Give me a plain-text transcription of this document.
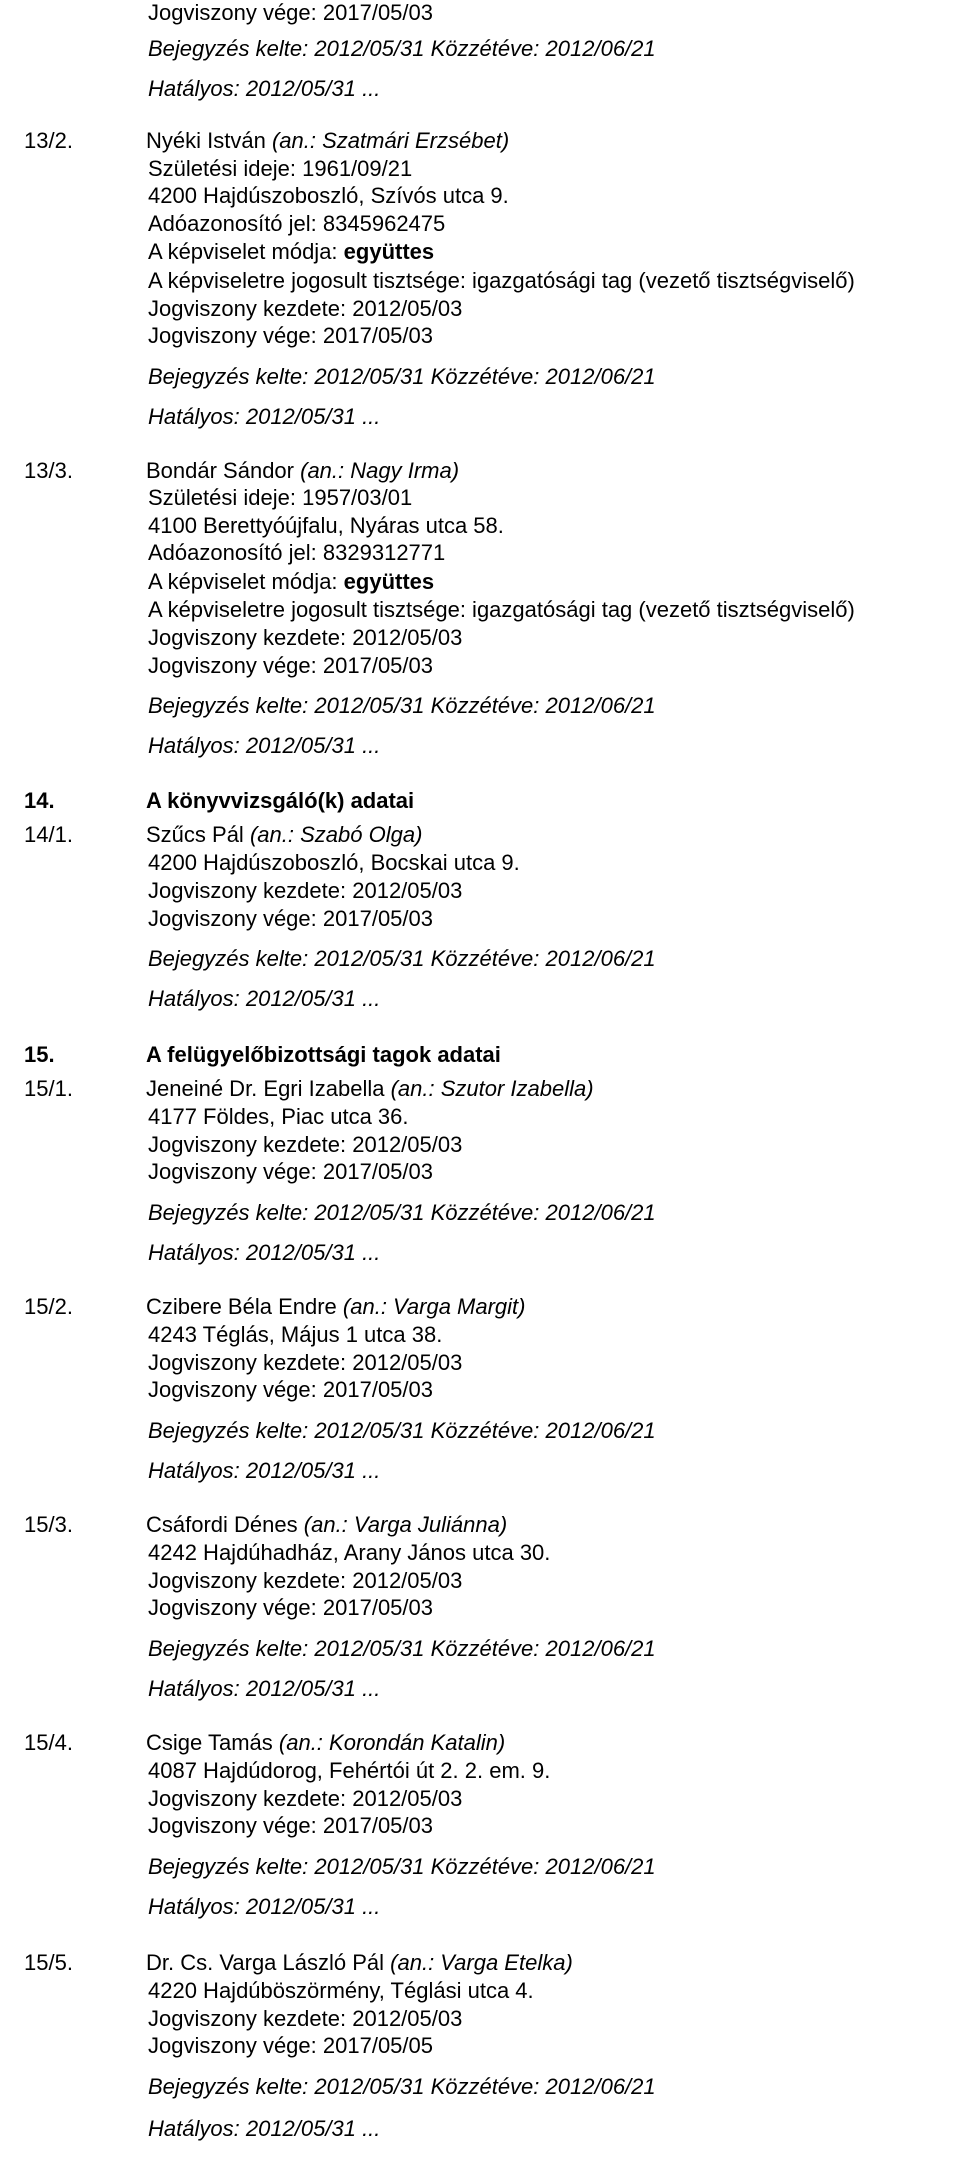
Jogviszony vége: 2017/05/03
Bejegyzés kelte: 2012/05/31 Közzétéve: 2012/06/21
Hatályos: 2012/05/31 ...
13/2.	Nyéki István (an.: Szatmári Erzsébet)
Születési ideje: 1961/09/21
4200 Hajdúszoboszló, Szívós utca 9.
Adóazonosító jel: 8345962475
A képviselet módja: együttes
A képviseletre jogosult tisztsége: igazgatósági tag (vezető tisztségviselő)
Jogviszony kezdete: 2012/05/03
Jogviszony vége: 2017/05/03
Bejegyzés kelte: 2012/05/31 Közzétéve: 2012/06/21
Hatályos: 2012/05/31 ...
13/3.	Bondár Sándor (an.: Nagy Irma)
Születési ideje: 1957/03/01
4100 Berettyóújfalu, Nyáras utca 58.
Adóazonosító jel: 8329312771
A képviselet módja: együttes
A képviseletre jogosult tisztsége: igazgatósági tag (vezető tisztségviselő)
Jogviszony kezdete: 2012/05/03
Jogviszony vége: 2017/05/03
Bejegyzés kelte: 2012/05/31 Közzétéve: 2012/06/21
Hatályos: 2012/05/31 ...
14.	A könyvvizsgáló(k) adatai
14/1.	Szűcs Pál (an.: Szabó Olga)
4200 Hajdúszoboszló, Bocskai utca 9.
Jogviszony kezdete: 2012/05/03
Jogviszony vége: 2017/05/03
Bejegyzés kelte: 2012/05/31 Közzétéve: 2012/06/21
Hatályos: 2012/05/31 ...
15.	A felügyelőbizottsági tagok adatai
15/1.	Jeneiné Dr. Egri Izabella (an.: Szutor Izabella)
4177 Földes, Piac utca 36.
Jogviszony kezdete: 2012/05/03
Jogviszony vége: 2017/05/03
Bejegyzés kelte: 2012/05/31 Közzétéve: 2012/06/21
Hatályos: 2012/05/31 ...
15/2.	Czibere Béla Endre (an.: Varga Margit)
4243 Téglás, Május 1 utca 38.
Jogviszony kezdete: 2012/05/03
Jogviszony vége: 2017/05/03
Bejegyzés kelte: 2012/05/31 Közzétéve: 2012/06/21
Hatályos: 2012/05/31 ...
15/3.	Csáfordi Dénes (an.: Varga Juliánna)
4242 Hajdúhadház, Arany János utca 30.
Jogviszony kezdete: 2012/05/03
Jogviszony vége: 2017/05/03
Bejegyzés kelte: 2012/05/31 Közzétéve: 2012/06/21
Hatályos: 2012/05/31 ...
15/4.	Csige Tamás (an.: Korondán Katalin)
4087 Hajdúdorog, Fehértói út 2. 2. em. 9.
Jogviszony kezdete: 2012/05/03
Jogviszony vége: 2017/05/03
Bejegyzés kelte: 2012/05/31 Közzétéve: 2012/06/21
Hatályos: 2012/05/31 ...
15/5.	Dr. Cs. Varga László Pál (an.: Varga Etelka)
4220 Hajdúböszörmény, Téglási utca 4.
Jogviszony kezdete: 2012/05/03
Jogviszony vége: 2017/05/05
Bejegyzés kelte: 2012/05/31 Közzétéve: 2012/06/21
Hatályos: 2012/05/31 ...
